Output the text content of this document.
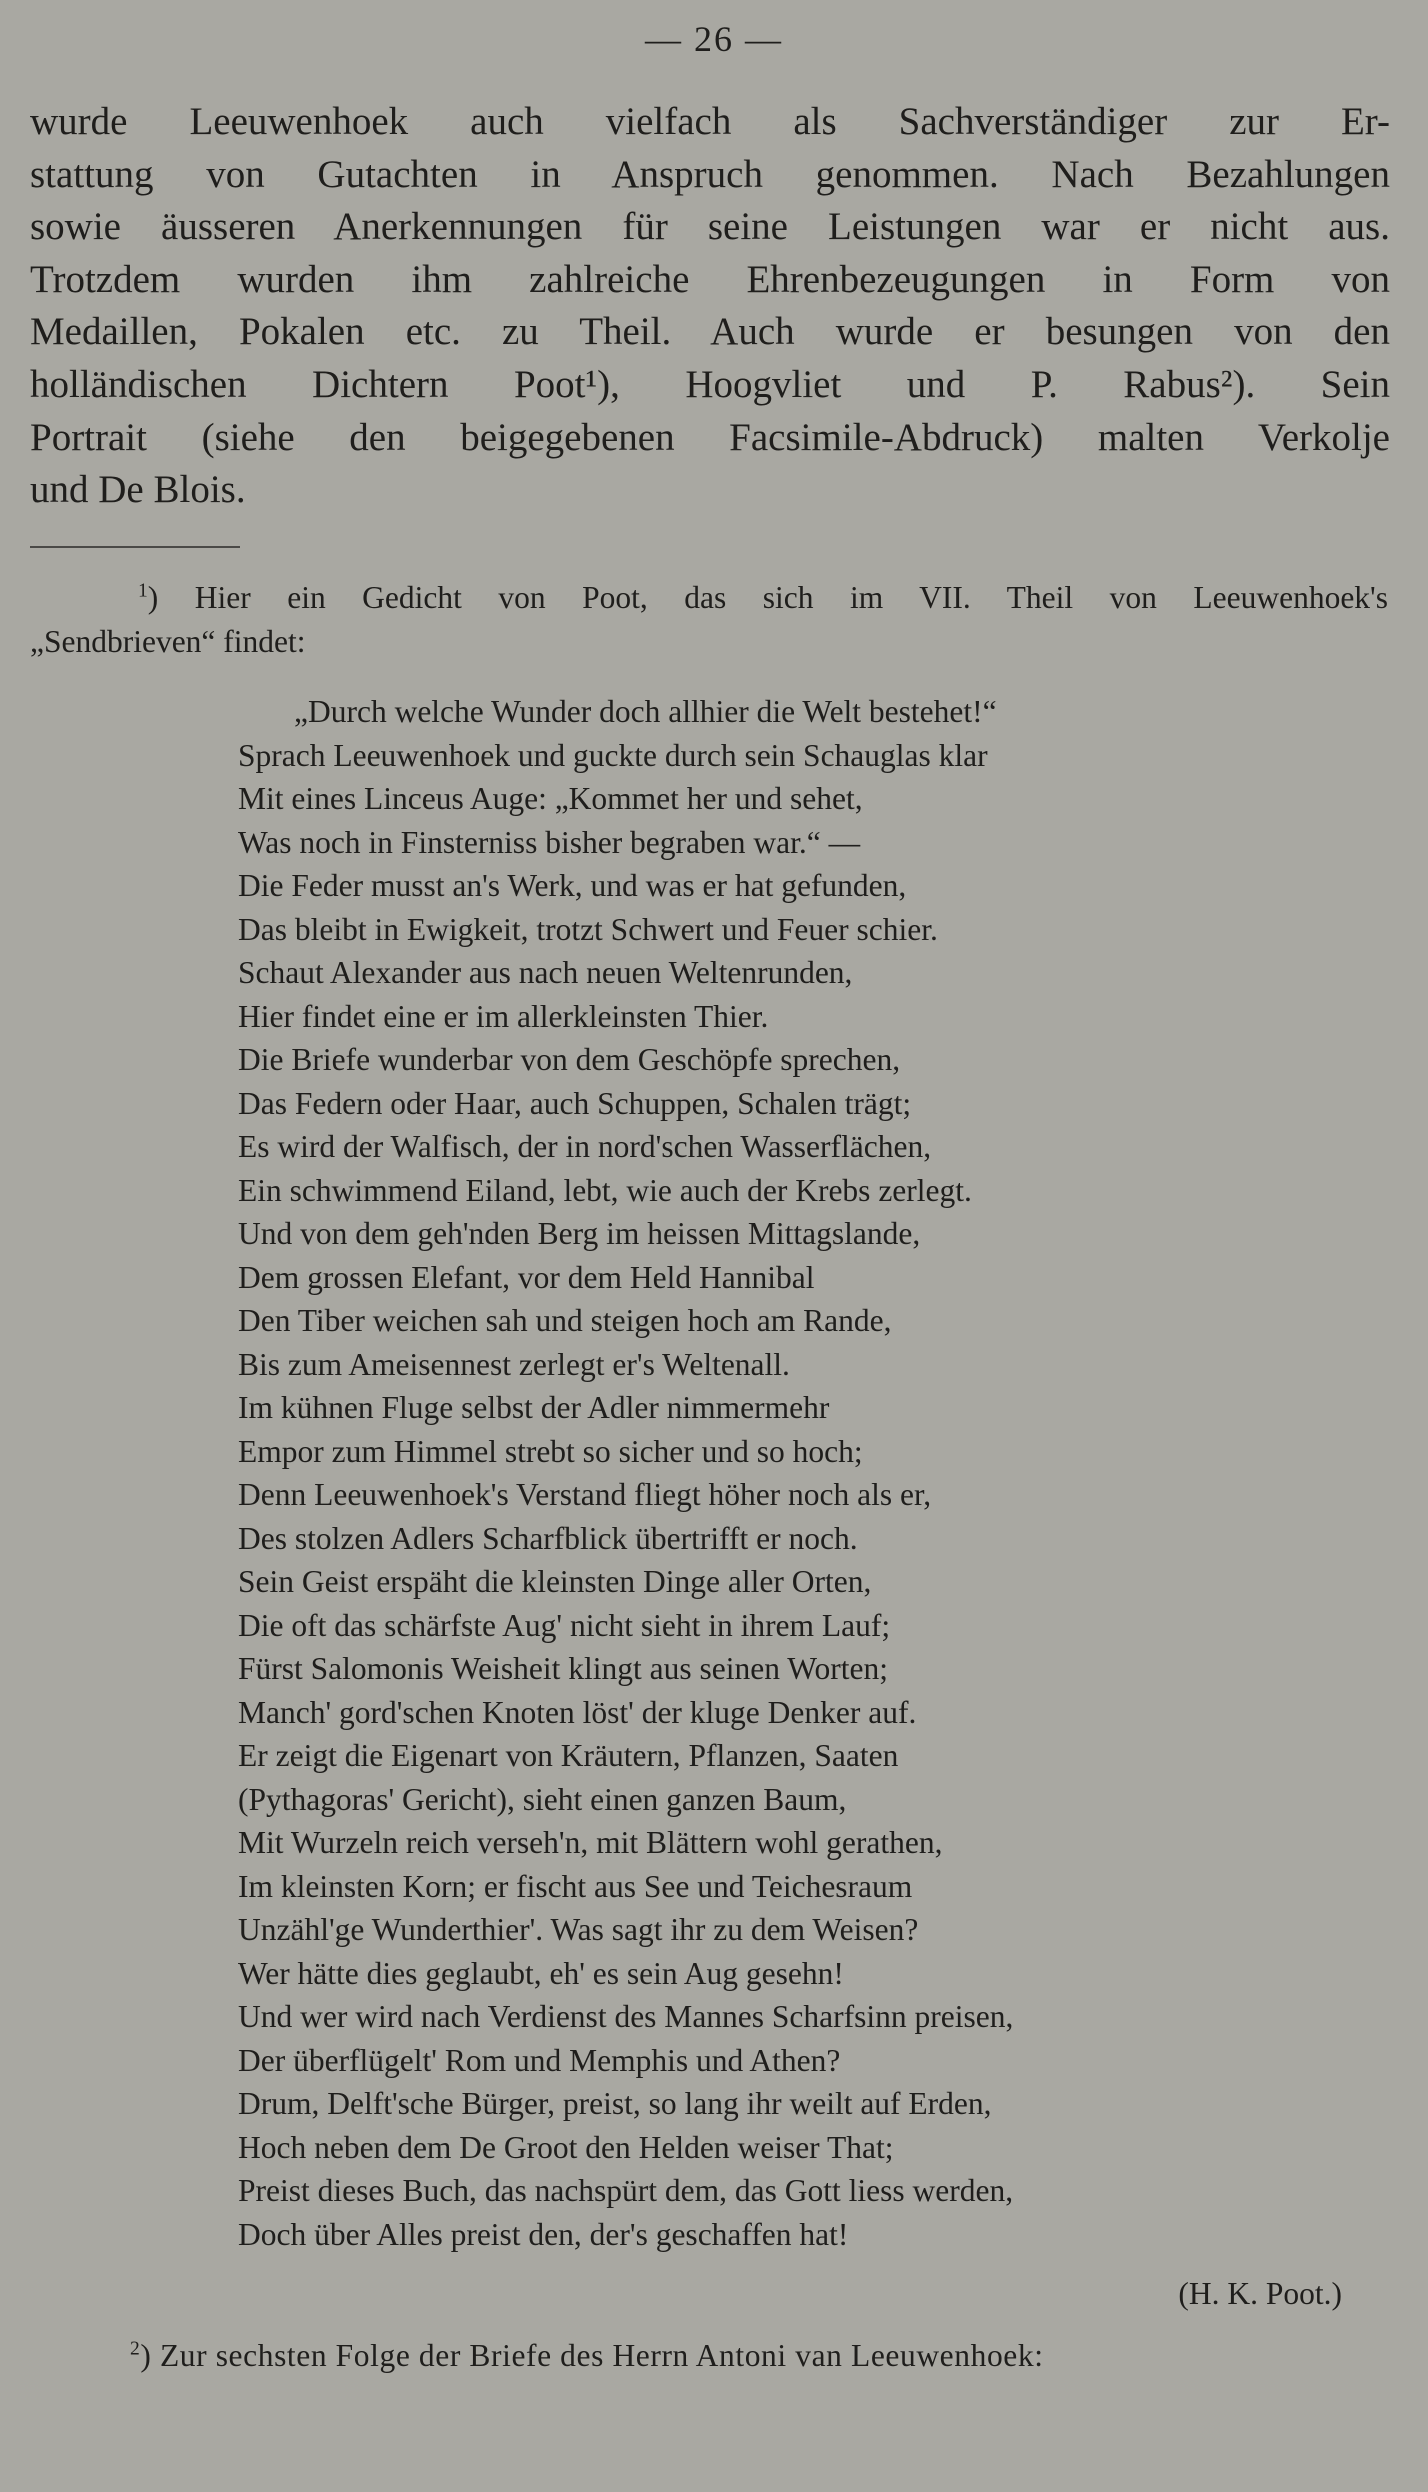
— 26 —
wurde Leeuwenhoek auch vielfach als Sachverständiger zur Er-
stattung von Gutachten in Anspruch genommen. Nach Bezahlungen
sowie äusseren Anerkennungen für seine Leistungen war er nicht aus.
Trotzdem wurden ihm zahlreiche Ehrenbezeugungen in Form von
Medaillen, Pokalen etc. zu Theil. Auch wurde er besungen von den
holländischen Dichtern Poot¹), Hoogvliet und P. Rabus²). Sein
Portrait (siehe den beigegebenen Facsimile-Abdruck) malten Verkolje
und De Blois.
$^1$) Hier ein Gedicht von Poot, das sich im VII. Theil von Leeuwenhoek's
„Sendbrieven“ findet:
„Durch welche Wunder doch allhier die Welt bestehet!“
Sprach Leeuwenhoek und guckte durch sein Schauglas klar
Mit eines Linceus Auge: „Kommet her und sehet,
Was noch in Finsterniss bisher begraben war.“ —
Die Feder musst an's Werk, und was er hat gefunden,
Das bleibt in Ewigkeit, trotzt Schwert und Feuer schier.
Schaut Alexander aus nach neuen Weltenrunden,
Hier findet eine er im allerkleinsten Thier.
Die Briefe wunderbar von dem Geschöpfe sprechen,
Das Federn oder Haar, auch Schuppen, Schalen trägt;
Es wird der Walfisch, der in nord'schen Wasserflächen,
Ein schwimmend Eiland, lebt, wie auch der Krebs zerlegt.
Und von dem geh'nden Berg im heissen Mittagslande,
Dem grossen Elefant, vor dem Held Hannibal
Den Tiber weichen sah und steigen hoch am Rande,
Bis zum Ameisennest zerlegt er's Weltenall.
Im kühnen Fluge selbst der Adler nimmermehr
Empor zum Himmel strebt so sicher und so hoch;
Denn Leeuwenhoek's Verstand fliegt höher noch als er,
Des stolzen Adlers Scharfblick übertrifft er noch.
Sein Geist erspäht die kleinsten Dinge aller Orten,
Die oft das schärfste Aug' nicht sieht in ihrem Lauf;
Fürst Salomonis Weisheit klingt aus seinen Worten;
Manch' gord'schen Knoten löst' der kluge Denker auf.
Er zeigt die Eigenart von Kräutern, Pflanzen, Saaten
(Pythagoras' Gericht), sieht einen ganzen Baum,
Mit Wurzeln reich verseh'n, mit Blättern wohl gerathen,
Im kleinsten Korn; er fischt aus See und Teichesraum
Unzähl'ge Wunderthier'. Was sagt ihr zu dem Weisen?
Wer hätte dies geglaubt, eh' es sein Aug gesehn!
Und wer wird nach Verdienst des Mannes Scharfsinn preisen,
Der überflügelt' Rom und Memphis und Athen?
Drum, Delft'sche Bürger, preist, so lang ihr weilt auf Erden,
Hoch neben dem De Groot den Helden weiser That;
Preist dieses Buch, das nachspürt dem, das Gott liess werden,
Doch über Alles preist den, der's geschaffen hat!
(H. K. Poot.)
$^2$) Zur sechsten Folge der Briefe des Herrn Antoni van Leeuwenhoek:
